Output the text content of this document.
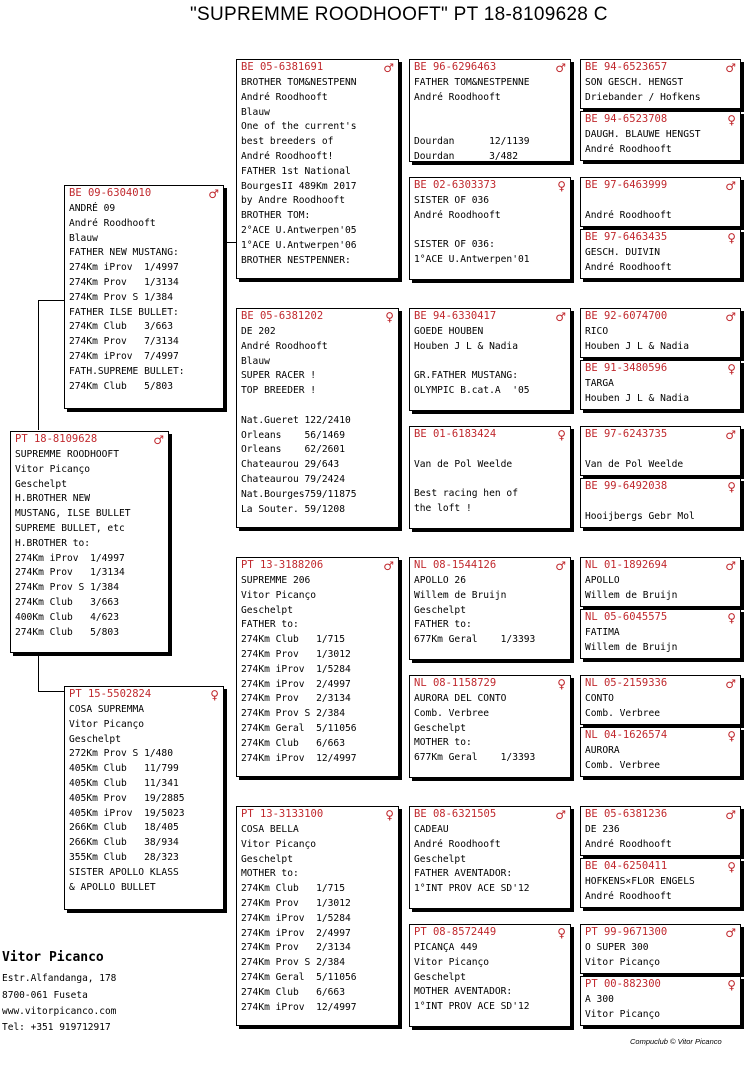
"SUPREMME ROODHOOFT" PT 18-8109628 C
PT 18-8109628	♂
SUPREMME ROODHOOFT
Vitor Picanço
Geschelpt
H.BROTHER NEW
MUSTANG, ILSE BULLET
SUPREME BULLET, etc
H.BROTHER to:
274Km iProv  1/4997
274Km Prov   1/3134
274Km Prov S 1/384
274Km Club   3/663
400Km Club   4/623
274Km Club   5/803
BE 09-6304010	♂
ANDRÉ 09
André Roodhooft
Blauw
FATHER NEW MUSTANG:
274Km iProv  1/4997
274Km Prov   1/3134
274Km Prov S 1/384
FATHER ILSE BULLET:
274Km Club   3/663
274Km Prov   7/3134
274Km iProv  7/4997
FATH.SUPREME BULLET:
274Km Club   5/803
PT 15-5502824	♀
COSA SUPREMMA
Vitor Picanço
Geschelpt
272Km Prov S 1/480
405Km Club   11/799
405Km Club   11/341
405Km Prov   19/2885
405Km iProv  19/5023
266Km Club   18/405
266Km Club   38/934
355Km Club   28/323
SISTER APOLLO KLASS
& APOLLO BULLET
BE 05-6381691	♂
BROTHER TOM&NESTPENN
André Roodhooft
Blauw
One of the current's
best breeders of
André Roodhooft!
FATHER 1st National
BourgesII 489Km 2017
by Andre Roodhooft
BROTHER TOM:
2°ACE U.Antwerpen'05
1°ACE U.Antwerpen'06
BROTHER NESTPENNER:
BE 05-6381202	♀
DE 202
André Roodhooft
Blauw
SUPER RACER !
TOP BREEDER !
Nat.Gueret 122/2410
Orleans    56/1469
Orleans    62/2601
Chateaurou 29/643
Chateaurou 79/2424
Nat.Bourges759/11875
La Souter. 59/1208
PT 13-3188206	♂
SUPREMME 206
Vitor Picanço
Geschelpt
FATHER to:
274Km Club   1/715
274Km Prov   1/3012
274Km iProv  1/5284
274Km iProv  2/4997
274Km Prov   2/3134
274Km Prov S 2/384
274Km Geral  5/11056
274Km Club   6/663
274Km iProv  12/4997
PT 13-3133100	♀
COSA BELLA
Vitor Picanço
Geschelpt
MOTHER to:
274Km Club   1/715
274Km Prov   1/3012
274Km iProv  1/5284
274Km iProv  2/4997
274Km Prov   2/3134
274Km Prov S 2/384
274Km Geral  5/11056
274Km Club   6/663
274Km iProv  12/4997
BE 96-6296463	♂
FATHER TOM&NESTPENNE
André Roodhooft
Dourdan      12/1139
Dourdan      3/482
BE 02-6303373	♀
SISTER OF 036
André Roodhooft
SISTER OF 036:
1°ACE U.Antwerpen'01
BE 94-6330417	♂
GOEDE HOUBEN
Houben J L & Nadia
GR.FATHER MUSTANG:
OLYMPIC B.cat.A  '05
BE 01-6183424	♀
Van de Pol Weelde
Best racing hen of
the loft !
NL 08-1544126	♂
APOLLO 26
Willem de Bruijn
Geschelpt
FATHER to:
677Km Geral    1/3393
NL 08-1158729	♀
AURORA DEL CONTO
Comb. Verbree
Geschelpt
MOTHER to:
677Km Geral    1/3393
BE 08-6321505	♂
CADEAU
André Roodhooft
Geschelpt
FATHER AVENTADOR:
1°INT PROV ACE SD'12
PT 08-8572449	♀
PICANÇA 449
Vitor Picanço
Geschelpt
MOTHER AVENTADOR:
1°INT PROV ACE SD'12
BE 94-6523657	♂
SON GESCH. HENGST
Driebander / Hofkens
BE 94-6523708	♀
DAUGH. BLAUWE HENGST
André Roodhooft
BE 97-6463999	♂
André Roodhooft
BE 97-6463435	♀
GESCH. DUIVIN
André Roodhooft
BE 92-6074700	♂
RICO
Houben J L & Nadia
BE 91-3480596	♀
TARGA
Houben J L & Nadia
BE 97-6243735	♂
Van de Pol Weelde
BE 99-6492038	♀
Hooijbergs Gebr Mol
NL 01-1892694	♂
APOLLO
Willem de Bruijn
NL 05-6045575	♀
FATIMA
Willem de Bruijn
NL 05-2159336	♂
CONTO
Comb. Verbree
NL 04-1626574	♀
AURORA
Comb. Verbree
BE 05-6381236	♂
DE 236
André Roodhooft
BE 04-6250411	♀
HOFKENS×FLOR ENGELS
André Roodhooft
PT 99-9671300	♂
O SUPER 300
Vitor Picanço
PT 00-882300	♀
A 300
Vitor Picanço
Vitor Picanco
Estr.Alfandanga, 178
8700-061 Fuseta
www.vitorpicanco.com
Tel: +351 919712917
Compuclub © Vitor Picanco
